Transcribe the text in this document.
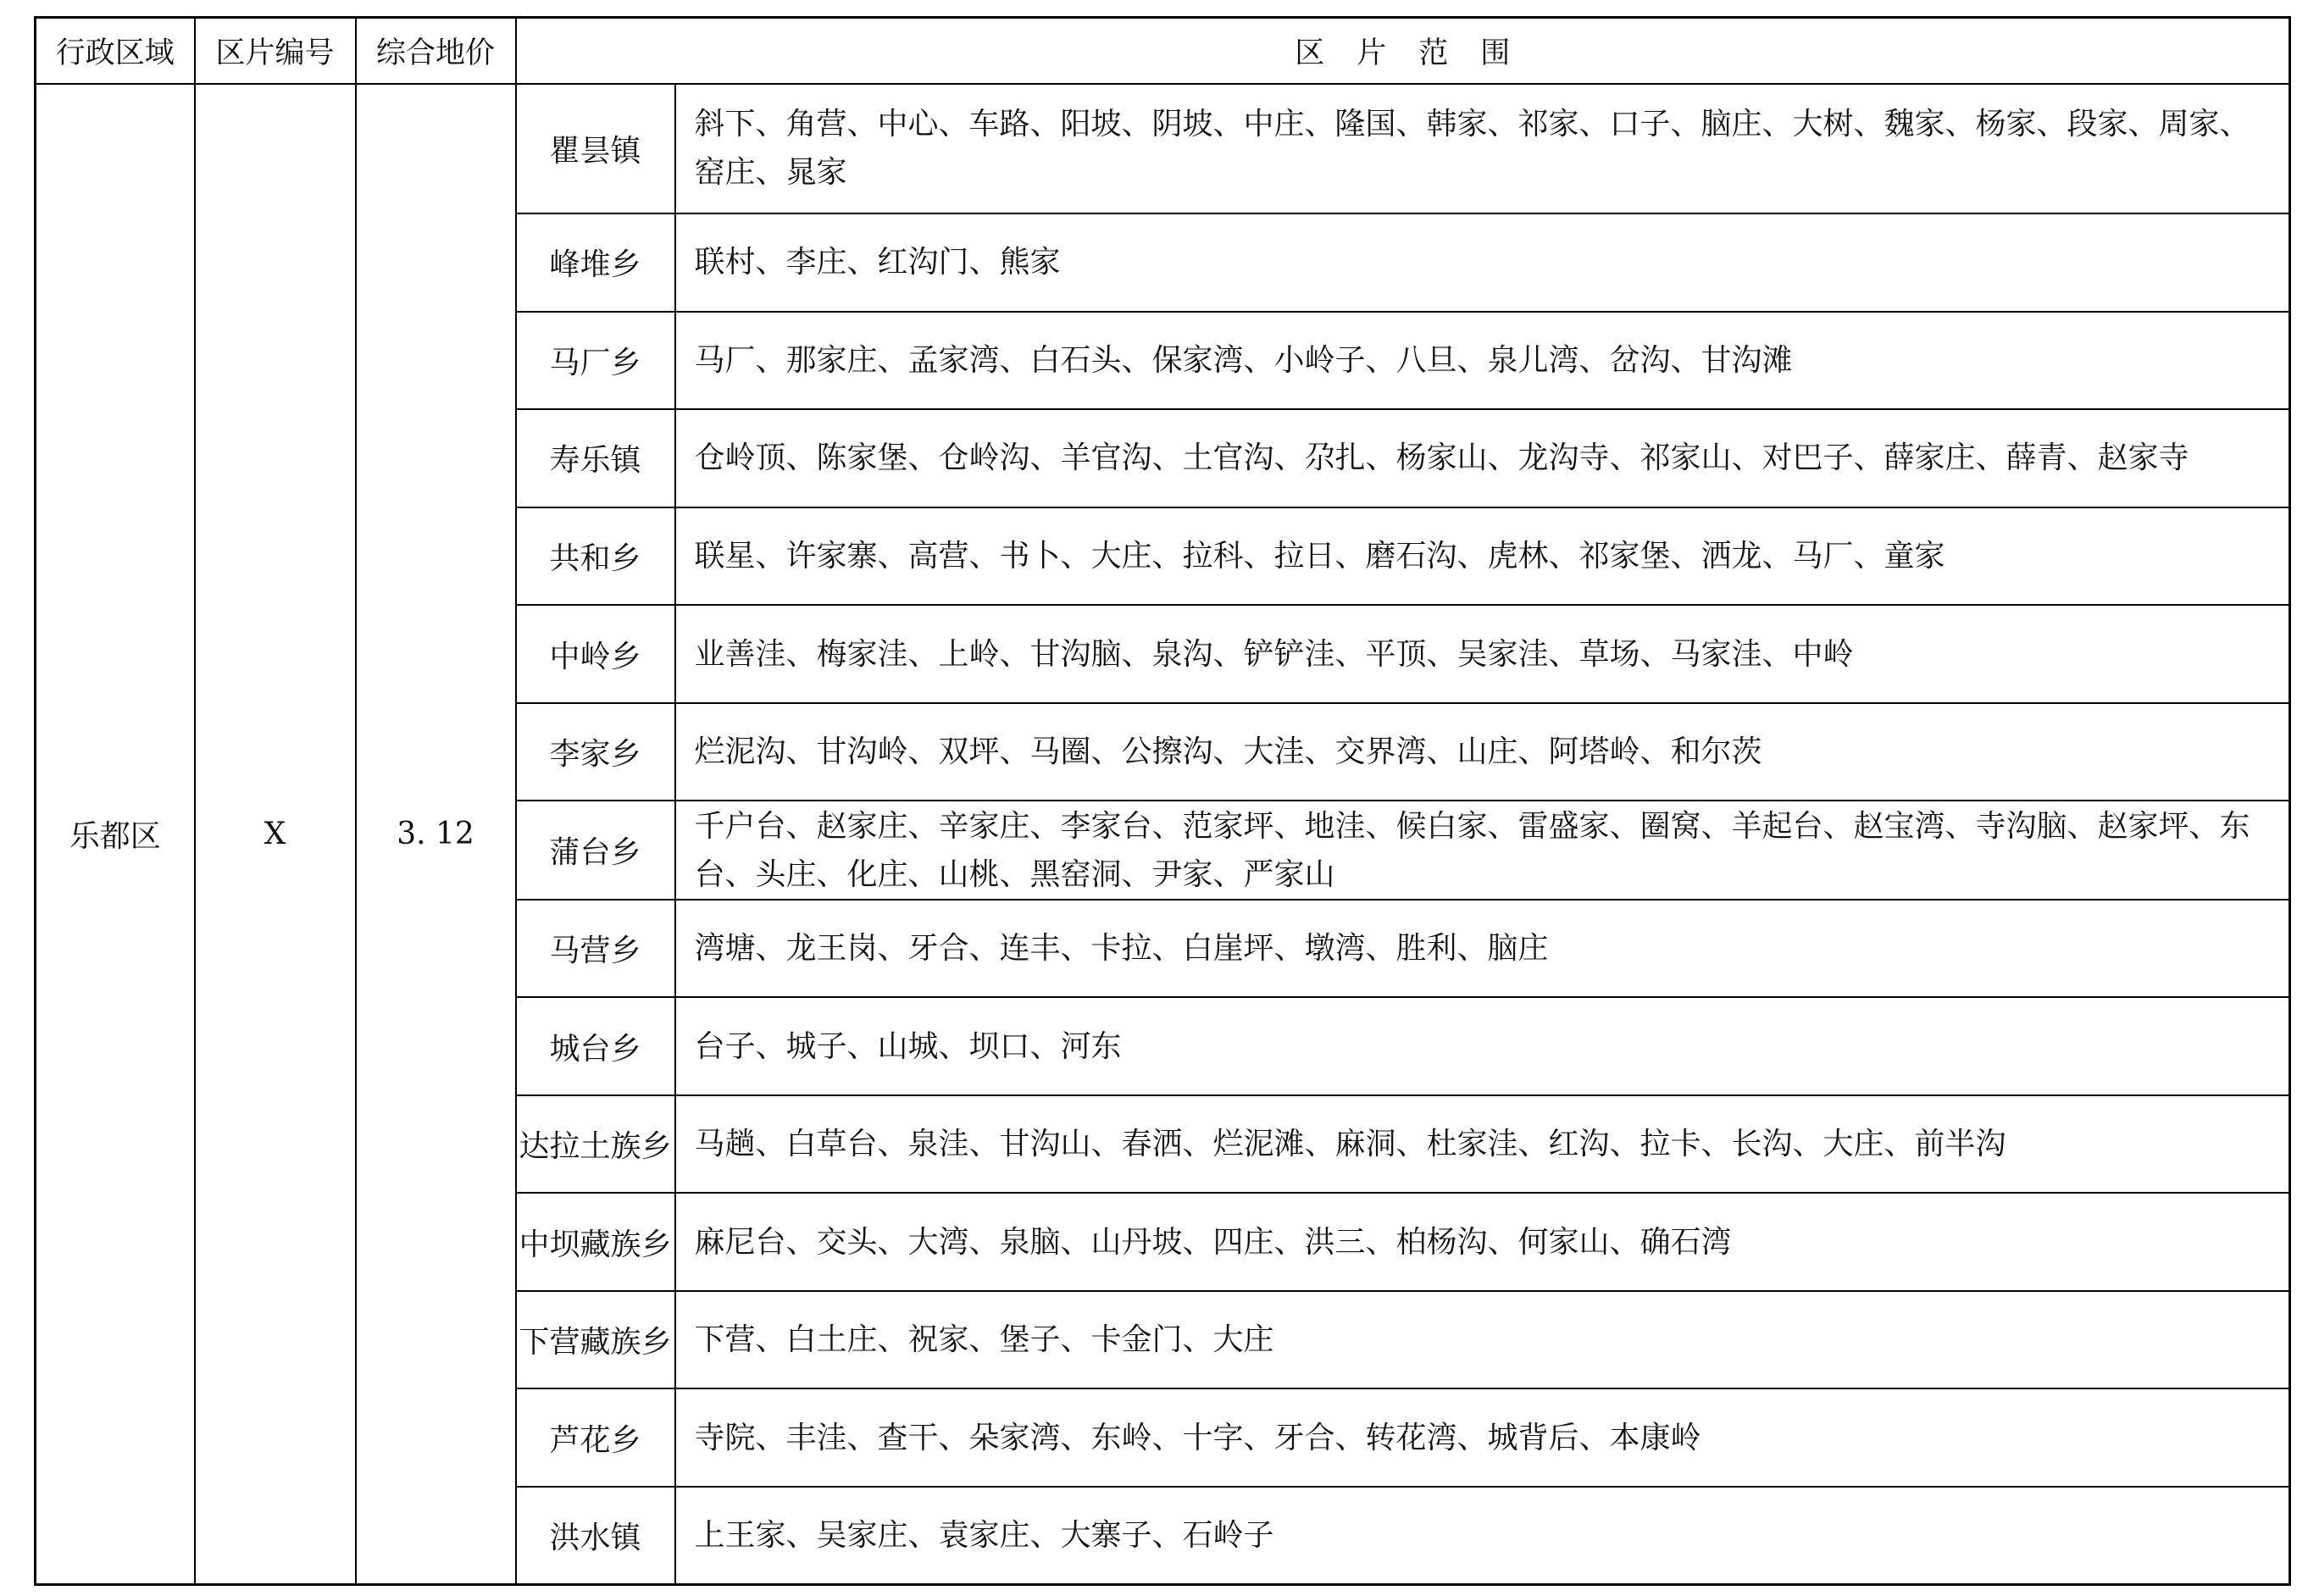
行政区域	区片编号	综合地价	区片范围	
乐都区	X	3. 12	瞿昙镇	斜下、角营、中心、车路、阳坡、阴坡、中庄、隆国、韩家、祁家、口子、脑庄、大树、魏家、杨家、段家、周家、窑庄、晁家
			峰堆乡	联村、李庄、红沟门、熊家
			马厂乡	马厂、那家庄、孟家湾、白石头、保家湾、小岭子、八旦、泉儿湾、岔沟、甘沟滩
			寿乐镇	仓岭顶、陈家堡、仓岭沟、羊官沟、土官沟、尕扎、杨家山、龙沟寺、祁家山、对巴子、薛家庄、薛青、赵家寺
			共和乡	联星、许家寨、高营、书卜、大庄、拉科、拉日、磨石沟、虎林、祁家堡、洒龙、马厂、童家
			中岭乡	业善洼、梅家洼、上岭、甘沟脑、泉沟、铲铲洼、平顶、吴家洼、草场、马家洼、中岭
			李家乡	烂泥沟、甘沟岭、双坪、马圈、公擦沟、大洼、交界湾、山庄、阿塔岭、和尔茨
			蒲台乡	千户台、赵家庄、辛家庄、李家台、范家坪、地洼、候白家、雷盛家、圈窝、羊起台、赵宝湾、寺沟脑、赵家坪、东台、头庄、化庄、山桃、黑窑洞、尹家、严家山
			马营乡	湾塘、龙王岗、牙合、连丰、卡拉、白崖坪、墩湾、胜利、脑庄
			城台乡	台子、城子、山城、坝口、河东
			达拉土族乡	马趟、白草台、泉洼、甘沟山、春洒、烂泥滩、麻洞、杜家洼、红沟、拉卡、长沟、大庄、前半沟
			中坝藏族乡	麻尼台、交头、大湾、泉脑、山丹坡、四庄、洪三、柏杨沟、何家山、确石湾
			下营藏族乡	下营、白土庄、祝家、堡子、卡金门、大庄
			芦花乡	寺院、丰洼、查干、朵家湾、东岭、十字、牙合、转花湾、城背后、本康岭
			洪水镇	上王家、吴家庄、袁家庄、大寨子、石岭子
